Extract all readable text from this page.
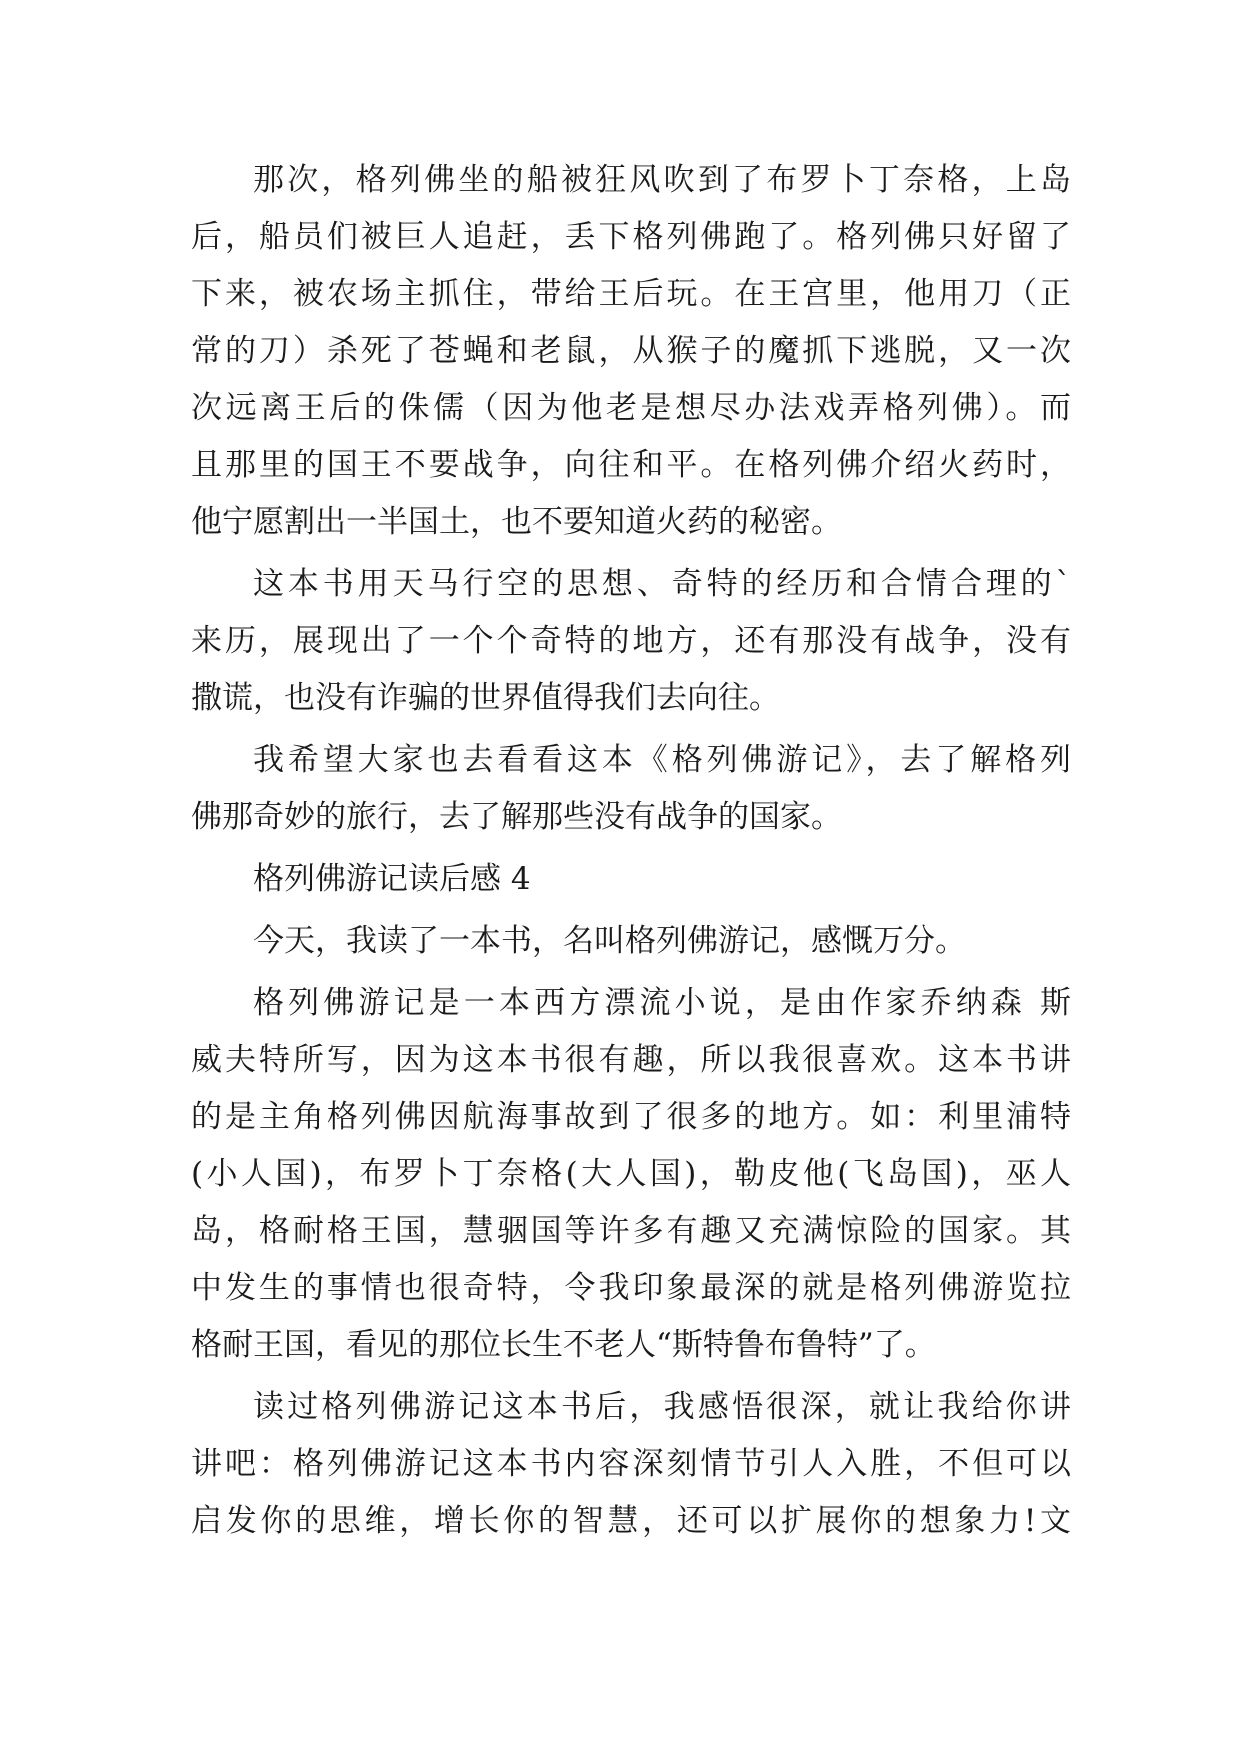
那次，格列佛坐的船被狂风吹到了布罗卜丁奈格，上岛
后，船员们被巨人追赶，丢下格列佛跑了。格列佛只好留了
下来，被农场主抓住，带给王后玩。在王宫里，他用刀（正
常的刀）杀死了苍蝇和老鼠，从猴子的魔抓下逃脱，又一次
次远离王后的侏儒（因为他老是想尽办法戏弄格列佛）。而
且那里的国王不要战争，向往和平。在格列佛介绍火药时，
他宁愿割出一半国土，也不要知道火药的秘密。
这本书用天马行空的思想、奇特的经历和合情合理的`
来历，展现出了一个个奇特的地方，还有那没有战争，没有
撒谎，也没有诈骗的世界值得我们去向往。
我希望大家也去看看这本《格列佛游记》，去了解格列
佛那奇妙的旅行，去了解那些没有战争的国家。
格列佛游记读后感 4
今天，我读了一本书，名叫格列佛游记，感慨万分。
格列佛游记是一本西方漂流小说，是由作家乔纳森 斯
威夫特所写，因为这本书很有趣，所以我很喜欢。这本书讲
的是主角格列佛因航海事故到了很多的地方。如：利里浦特
(小人国)，布罗卜丁奈格(大人国)，勒皮他(飞岛国)，巫人
岛，格耐格王国，慧骃国等许多有趣又充满惊险的国家。其
中发生的事情也很奇特，令我印象最深的就是格列佛游览拉
格耐王国，看见的那位长生不老人“斯特鲁布鲁特”了。
读过格列佛游记这本书后，我感悟很深，就让我给你讲
讲吧：格列佛游记这本书内容深刻情节引人入胜，不但可以
启发你的思维，增长你的智慧，还可以扩展你的想象力!文
